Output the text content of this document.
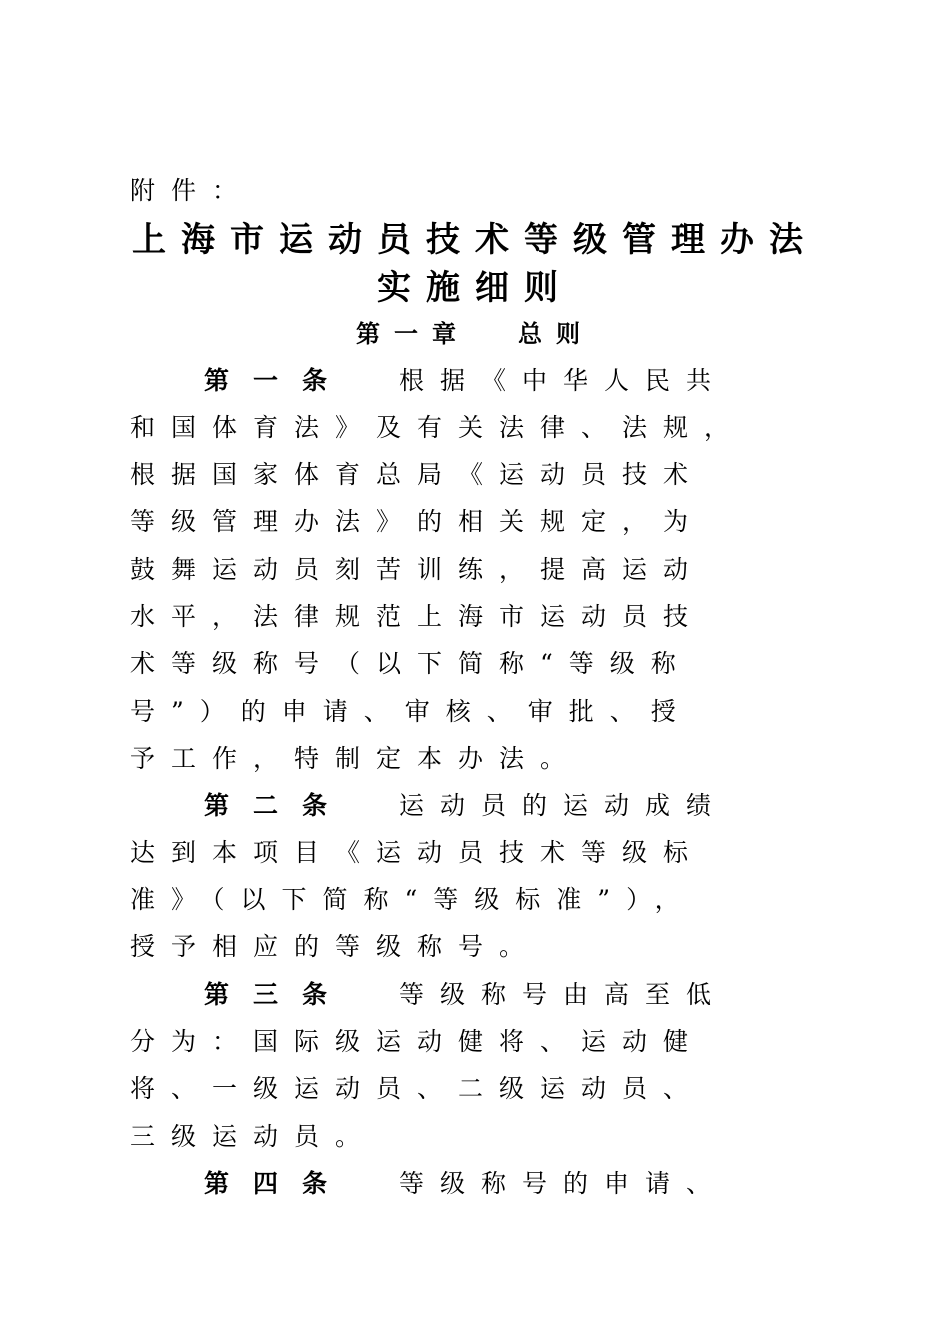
附件：
上海市运动员技术等级管理办法
实施细则
第一章 总则
第一条 根据《中华人民共
和国体育法》及有关法律、法规，
根据国家体育总局《运动员技术
等级管理办法》的相关规定，为
鼓舞运动员刻苦训练，提高运动
水平，法律规范上海市运动员技
术等级称号（以下简称“等级称
号”）的申请、审核、审批、授
予工作，特制定本办法。
第二条 运动员的运动成绩
达到本项目《运动员技术等级标
准》（以下简称“等级标准”），
授予相应的等级称号。
第三条 等级称号由高至低
分为：国际级运动健将、运动健
将、一级运动员、二级运动员、
三级运动员。
第四条 等级称号的申请、
